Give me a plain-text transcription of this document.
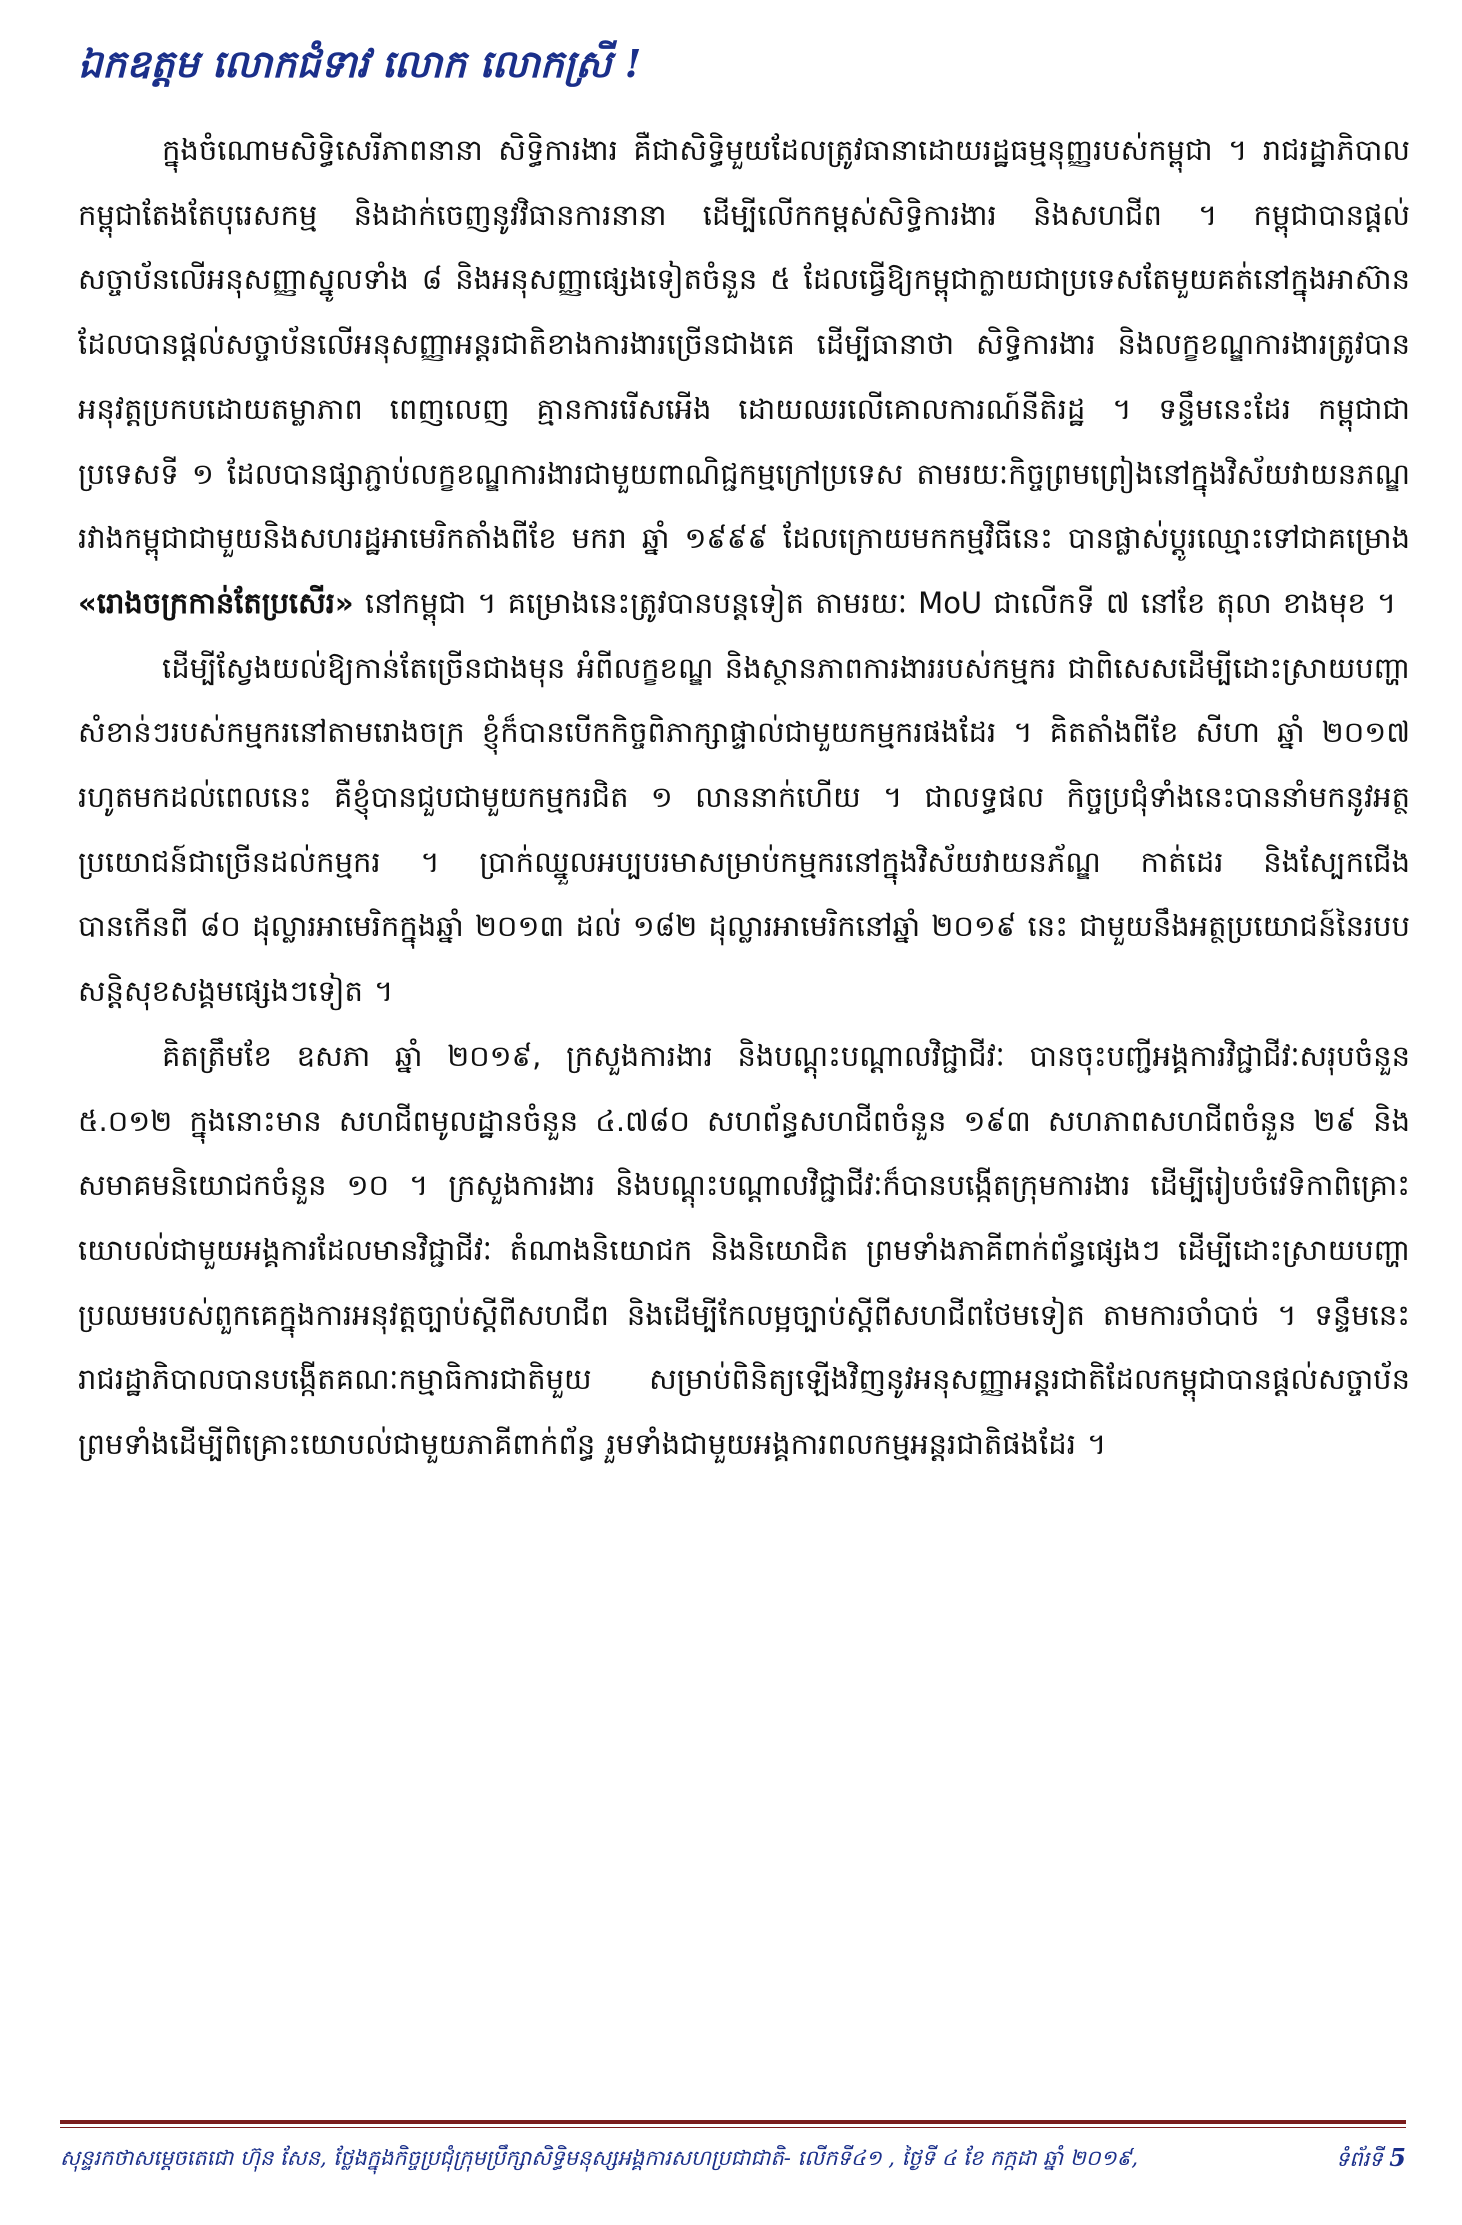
ឯកឧត្តម លោកជំទាវ លោក លោកស្រី !

ក្នុងចំណោមសិទ្ធិសេរីភាពនានា សិទ្ធិការងារ គឺជាសិទ្ធិមួយដែលត្រូវធានាដោយរដ្ឋធម្មនុញ្ញរបស់កម្ពុជា ។ រាជរដ្ឋាភិបាលកម្ពុជាតែងតែបុរេសកម្ម និងដាក់ចេញនូវវិធានការនានា ដើម្បីលើកកម្ពស់សិទ្ធិការងារ និងសហជីព ។ កម្ពុជាបានផ្តល់សច្ចាប័នលើអនុសញ្ញាស្នូលទាំង ៨ និងអនុសញ្ញាផ្សេងទៀតចំនួន ៥ ដែលធ្វើឱ្យកម្ពុជាក្លាយជាប្រទេសតែមួយគត់នៅក្នុងអាស៊ាន ដែលបានផ្តល់សច្ចាប័នលើអនុសញ្ញាអន្តរជាតិខាងការងារច្រើនជាងគេ ដើម្បីធានាថា សិទ្ធិការងារ និងលក្ខខណ្ឌការងារត្រូវបានអនុវត្តប្រកបដោយតម្លាភាព ពេញលេញ គ្មានការរើសអើង ដោយឈរលើគោលការណ៍នីតិរដ្ឋ ។ ទន្ទឹមនេះដែរ កម្ពុជាជាប្រទេសទី ១ ដែលបានផ្សាភ្ជាប់លក្ខខណ្ឌការងារជាមួយពាណិជ្ជកម្មក្រៅប្រទេស តាមរយៈកិច្ចព្រមព្រៀងនៅក្នុងវិស័យវាយនភណ្ឌរវាងកម្ពុជាជាមួយនិងសហរដ្ឋអាមេរិកតាំងពីខែ មករា ឆ្នាំ ១៩៩៩ ដែលក្រោយមកកម្មវិធីនេះ បានផ្លាស់ប្តូរឈ្មោះទៅជាគម្រោង «រោងចក្រកាន់តែប្រសើរ» នៅកម្ពុជា ។ គម្រោងនេះត្រូវបានបន្តទៀត តាមរយៈ MoU ជាលើកទី ៧ នៅខែ តុលា ខាងមុខ ។

ដើម្បីស្វែងយល់ឱ្យកាន់តែច្រើនជាងមុន អំពីលក្ខខណ្ឌ និងស្ថានភាពការងាររបស់កម្មករ ជាពិសេសដើម្បីដោះស្រាយបញ្ហាសំខាន់ៗរបស់កម្មករនៅតាមរោងចក្រ ខ្ញុំក៏បានបើកកិច្ចពិភាក្សាផ្ទាល់ជាមួយកម្មករផងដែរ ។ គិតតាំងពីខែ សីហា ឆ្នាំ ២០១៧ រហូតមកដល់ពេលនេះ គឺខ្ញុំបានជួបជាមួយកម្មករជិត ១ លាននាក់ហើយ ។ ជាលទ្ធផល កិច្ចប្រជុំទាំងនេះបាននាំមកនូវអត្ថប្រយោជន៍ជាច្រើនដល់កម្មករ ។ ប្រាក់ឈ្នួលអប្បបរមាសម្រាប់កម្មករនៅក្នុងវិស័យវាយនភ័ណ្ឌ កាត់ដេរ និងស្បែកជើង បានកើនពី ៨០ ដុល្លារអាមេរិកក្នុងឆ្នាំ ២០១៣ ដល់ ១៨២ ដុល្លារអាមេរិកនៅឆ្នាំ ២០១៩ នេះ ជាមួយនឹងអត្ថប្រយោជន៍នៃរបបសន្តិសុខសង្គមផ្សេងៗទៀត ។

គិតត្រឹមខែ ឧសភា ឆ្នាំ ២០១៩, ក្រសួងការងារ និងបណ្តុះបណ្តាលវិជ្ជាជីវៈ បានចុះបញ្ជីអង្គការវិជ្ជាជីវៈសរុបចំនួន ៥.០១២ ក្នុងនោះមាន សហជីពមូលដ្ឋានចំនួន ៤.៧៨០ សហព័ន្ធសហជីពចំនួន ១៩៣ សហភាពសហជីពចំនួន ២៩ និងសមាគមនិយោជកចំនួន ១០ ។ ក្រសួងការងារ និងបណ្តុះបណ្តាលវិជ្ជាជីវៈក៏បានបង្កើតក្រុមការងារ ដើម្បីរៀបចំវេទិកាពិគ្រោះយោបល់ជាមួយអង្គការដែលមានវិជ្ជាជីវៈ តំណាងនិយោជក និងនិយោជិត ព្រមទាំងភាគីពាក់ព័ន្ធផ្សេងៗ ដើម្បីដោះស្រាយបញ្ហាប្រឈមរបស់ពួកគេក្នុងការអនុវត្តច្បាប់ស្តីពីសហជីព និងដើម្បីកែលម្អច្បាប់ស្តីពីសហជីពថែមទៀត តាមការចាំបាច់ ។ ទន្ទឹមនេះរាជរដ្ឋាភិបាលបានបង្កើតគណៈកម្មាធិការជាតិមួយ សម្រាប់ពិនិត្យឡើងវិញនូវអនុសញ្ញាអន្តរជាតិដែលកម្ពុជាបានផ្តល់សច្ចាប័ន ព្រមទាំងដើម្បីពិគ្រោះយោបល់ជាមួយភាគីពាក់ព័ន្ធ រួមទាំងជាមួយអង្គការពលកម្មអន្តរជាតិផងដែរ ។

សុន្ទរកថាសម្តេចតេជោ ហ៊ុន សែន, ថ្លែងក្នុងកិច្ចប្រជុំក្រុមប្រឹក្សាសិទ្ធិមនុស្សអង្គការសហប្រជាជាតិ- លើកទី៤១ , ថ្ងៃទី ៤ ខែ កក្កដា ឆ្នាំ ២០១៩,	ទំព័រទី 5
